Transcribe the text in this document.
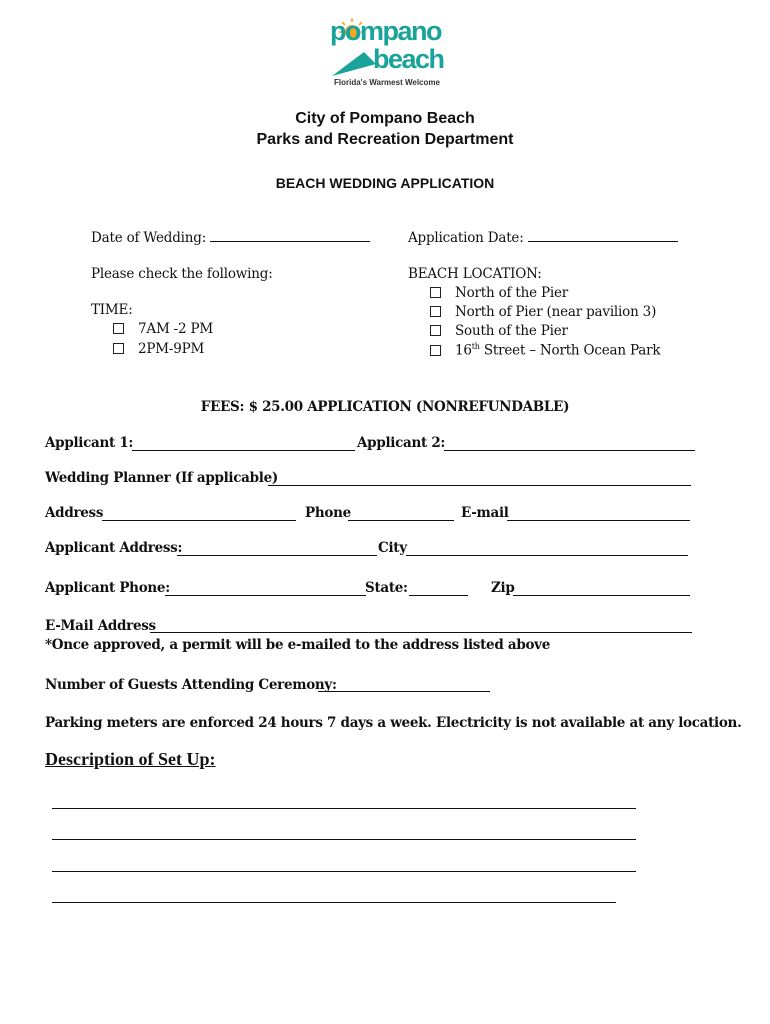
pompano
beach
Florida's Warmest Welcome
City of Pompano Beach
Parks and Recreation Department
BEACH WEDDING APPLICATION
Date of Wedding:	Application Date:
Please check the following:	BEACH LOCATION:
TIME:
7AM -2 PM
2PM-9PM
North of the Pier
North of Pier (near pavilion 3)
South of the Pier
16th Street – North Ocean Park
FEES: $ 25.00 APPLICATION (NONREFUNDABLE)
Applicant 1:	Applicant 2:
Wedding Planner (If applicable)
Address	Phone	E-mail
Applicant Address:	City
Applicant Phone:	State:	Zip
E-Mail Address
*Once approved, a permit will be e-mailed to the address listed above
Number of Guests Attending Ceremony:
Parking meters are enforced 24 hours 7 days a week. Electricity is not available at any location.
Description of Set Up:
